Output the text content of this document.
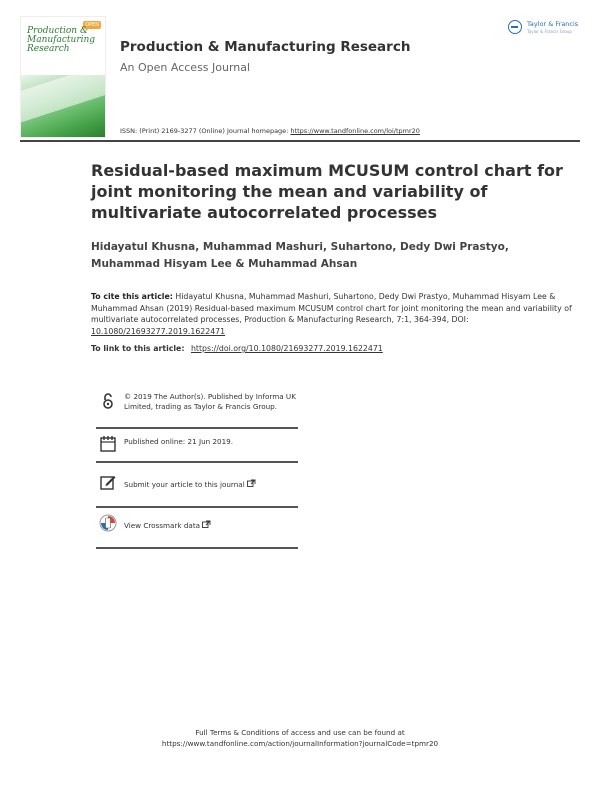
OPEN
Production & Manufacturing Research	Production & Manufacturing Research
An Open Access Journal
ISSN: (Print) 2169-3277 (Online) Journal homepage: https://www.tandfonline.com/loi/tpmr20
Taylor & Francis
Taylor & Francis Group
Residual-based maximum MCUSUM control chart for joint monitoring the mean and variability of multivariate autocorrelated processes
Hidayatul Khusna, Muhammad Mashuri, Suhartono, Dedy Dwi Prastyo, Muhammad Hisyam Lee & Muhammad Ahsan
To cite this article: Hidayatul Khusna, Muhammad Mashuri, Suhartono, Dedy Dwi Prastyo, Muhammad Hisyam Lee & Muhammad Ahsan (2019) Residual-based maximum MCUSUM control chart for joint monitoring the mean and variability of multivariate autocorrelated processes, Production & Manufacturing Research, 7:1, 364-394, DOI: 10.1080/21693277.2019.1622471
To link to this article: https://doi.org/10.1080/21693277.2019.1622471
© 2019 The Author(s). Published by Informa UK Limited, trading as Taylor & Francis Group.
Published online: 21 Jun 2019.
Submit your article to this journal
View Crossmark data
Full Terms & Conditions of access and use can be found at
https://www.tandfonline.com/action/journalInformation?journalCode=tpmr20
